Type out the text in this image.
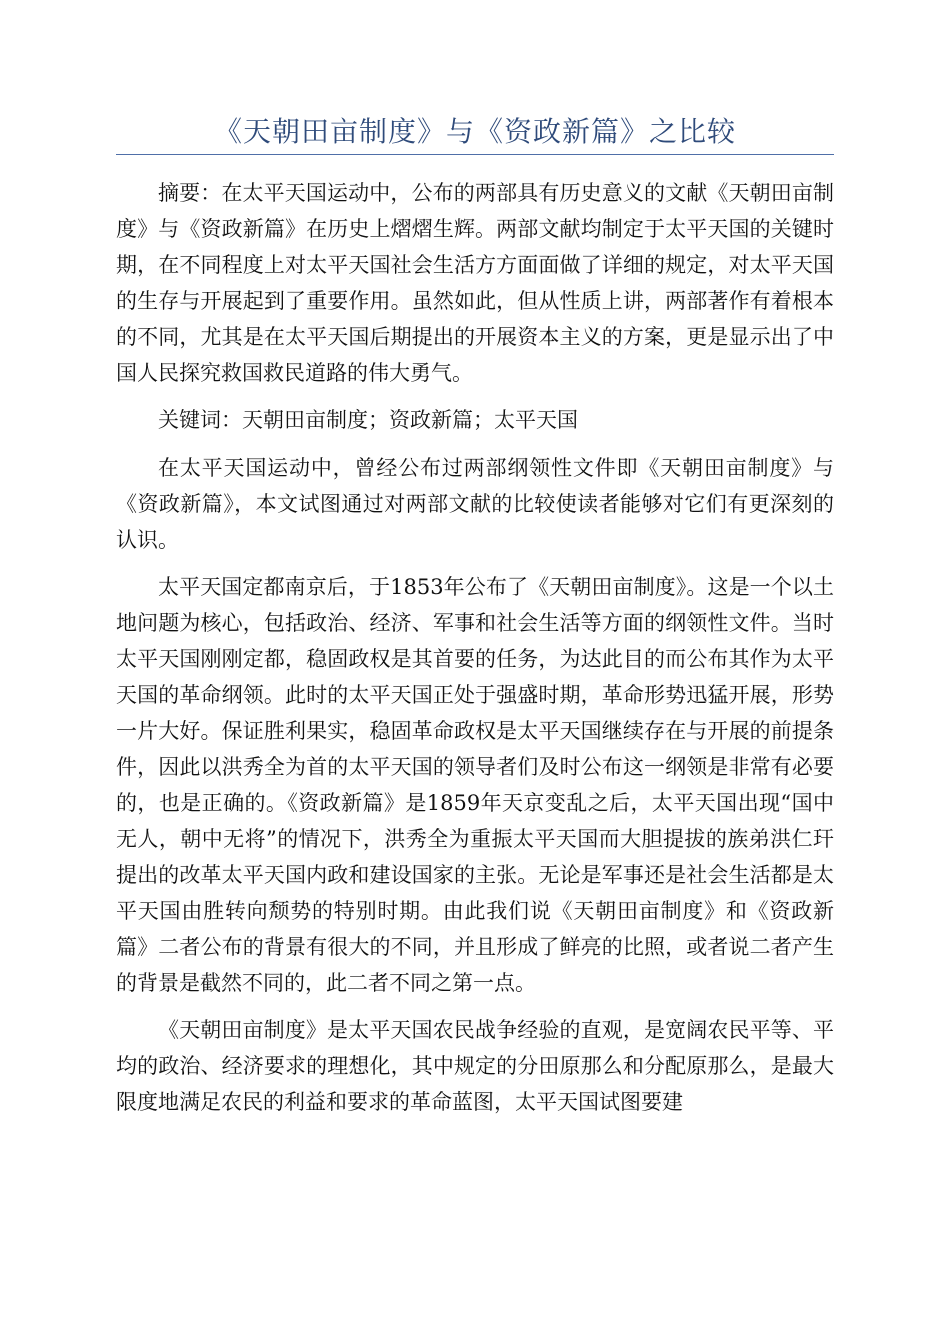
《天朝田亩制度》与《资政新篇》之比较

摘要：在太平天国运动中，公布的两部具有历史意义的文献《天朝田亩制度》与《资政新篇》在历史上熠熠生辉。两部文献均制定于太平天国的关键时期，在不同程度上对太平天国社会生活方方面面做了详细的规定，对太平天国的生存与开展起到了重要作用。虽然如此，但从性质上讲，两部著作有着根本的不同，尤其是在太平天国后期提出的开展资本主义的方案，更是显示出了中国人民探究救国救民道路的伟大勇气。

关键词：天朝田亩制度；资政新篇；太平天国

在太平天国运动中，曾经公布过两部纲领性文件即《天朝田亩制度》与《资政新篇》，本文试图通过对两部文献的比较使读者能够对它们有更深刻的认识。

太平天国定都南京后，于1853年公布了《天朝田亩制度》。这是一个以土地问题为核心，包括政治、经济、军事和社会生活等方面的纲领性文件。当时太平天国刚刚定都，稳固政权是其首要的任务，为达此目的而公布其作为太平天国的革命纲领。此时的太平天国正处于强盛时期，革命形势迅猛开展，形势一片大好。保证胜利果实，稳固革命政权是太平天国继续存在与开展的前提条件，因此以洪秀全为首的太平天国的领导者们及时公布这一纲领是非常有必要的，也是正确的。《资政新篇》是1859年天京变乱之后，太平天国出现“国中无人，朝中无将”的情况下，洪秀全为重振太平天国而大胆提拔的族弟洪仁玕提出的改革太平天国内政和建设国家的主张。无论是军事还是社会生活都是太平天国由胜转向颓势的特别时期。由此我们说《天朝田亩制度》和《资政新篇》二者公布的背景有很大的不同，并且形成了鲜亮的比照，或者说二者产生的背景是截然不同的，此二者不同之第一点。

《天朝田亩制度》是太平天国农民战争经验的直观，是宽阔农民平等、平均的政治、经济要求的理想化，其中规定的分田原那么和分配原那么，是最大限度地满足农民的利益和要求的革命蓝图，太平天国试图要建
